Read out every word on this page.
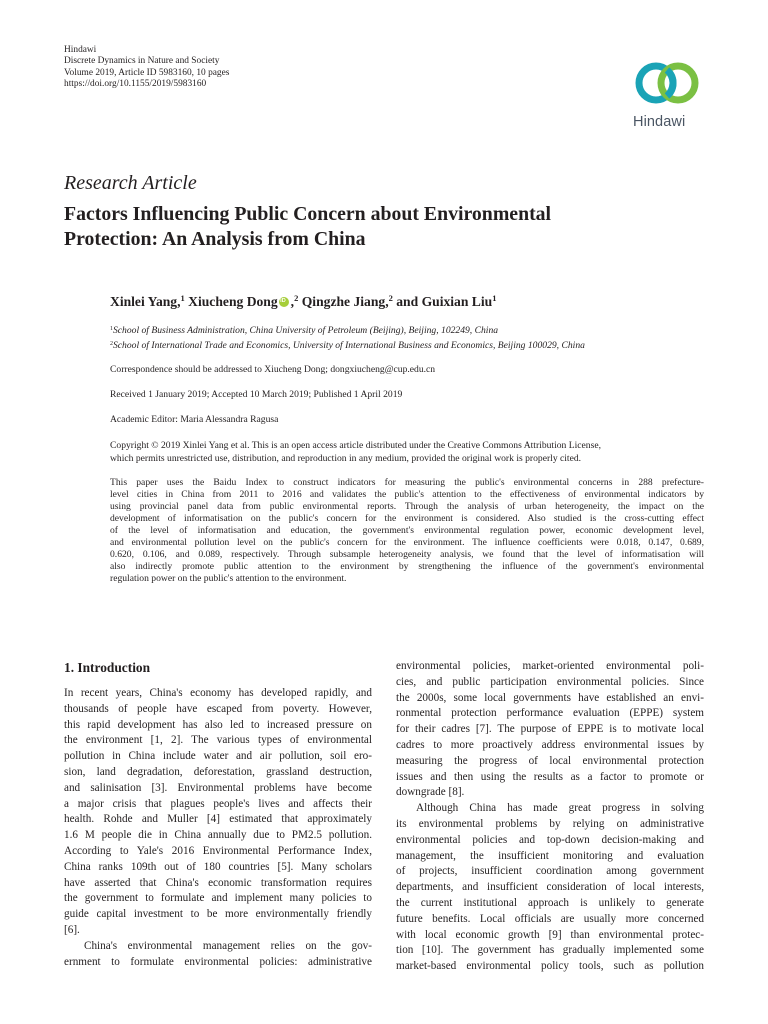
Hindawi
Discrete Dynamics in Nature and Society
Volume 2019, Article ID 5983160, 10 pages
https://doi.org/10.1155/2019/5983160
Hindawi
Research Article
Factors Influencing Public Concern about Environmental
Protection: An Analysis from China
Xinlei Yang,$^1$ Xiucheng DongiD ,$^2$ Qingzhe Jiang,$^2$ and Guixian Liu$^1$
$^1$School of Business Administration, China University of Petroleum (Beijing), Beijing, 102249, China
$^2$School of International Trade and Economics, University of International Business and Economics, Beijing 100029, China
Correspondence should be addressed to Xiucheng Dong; dongxiucheng@cup.edu.cn
Received 1 January 2019; Accepted 10 March 2019; Published 1 April 2019
Academic Editor: Maria Alessandra Ragusa
Copyright © 2019 Xinlei Yang et al. This is an open access article distributed under the Creative Commons Attribution License,
which permits unrestricted use, distribution, and reproduction in any medium, provided the original work is properly cited.
This paper uses the Baidu Index to construct indicators for measuring the public's environmental concerns in 288 prefecture-
level cities in China from 2011 to 2016 and validates the public's attention to the effectiveness of environmental indicators by
using provincial panel data from public environmental reports. Through the analysis of urban heterogeneity, the impact on the
development of informatisation on the public's concern for the environment is considered. Also studied is the cross-cutting effect
of the level of informatisation and education, the government's environmental regulation power, economic development level,
and environmental pollution level on the public's concern for the environment. The influence coefficients were 0.018, 0.147, 0.689,
0.620, 0.106, and 0.089, respectively. Through subsample heterogeneity analysis, we found that the level of informatisation will
also indirectly promote public attention to the environment by strengthening the influence of the government's environmental
regulation power on the public's attention to the environment.
1. Introduction
In recent years, China's economy has developed rapidly, and
thousands of people have escaped from poverty. However,
this rapid development has also led to increased pressure on
the environment [1, 2]. The various types of environmental
pollution in China include water and air pollution, soil ero-
sion, land degradation, deforestation, grassland destruction,
and salinisation [3]. Environmental problems have become
a major crisis that plagues people's lives and affects their
health. Rohde and Muller [4] estimated that approximately
1.6 M people die in China annually due to PM2.5 pollution.
According to Yale's 2016 Environmental Performance Index,
China ranks 109th out of 180 countries [5]. Many scholars
have asserted that China's economic transformation requires
the government to formulate and implement many policies to
guide capital investment to be more environmentally friendly
[6].
China's environmental management relies on the gov-
ernment to formulate environmental policies: administrative
environmental policies, market-oriented environmental poli-
cies, and public participation environmental policies. Since
the 2000s, some local governments have established an envi-
ronmental protection performance evaluation (EPPE) system
for their cadres [7]. The purpose of EPPE is to motivate local
cadres to more proactively address environmental issues by
measuring the progress of local environmental protection
issues and then using the results as a factor to promote or
downgrade [8].
Although China has made great progress in solving
its environmental problems by relying on administrative
environmental policies and top-down decision-making and
management, the insufficient monitoring and evaluation
of projects, insufficient coordination among government
departments, and insufficient consideration of local interests,
the current institutional approach is unlikely to generate
future benefits. Local officials are usually more concerned
with local economic growth [9] than environmental protec-
tion [10]. The government has gradually implemented some
market-based environmental policy tools, such as pollution
